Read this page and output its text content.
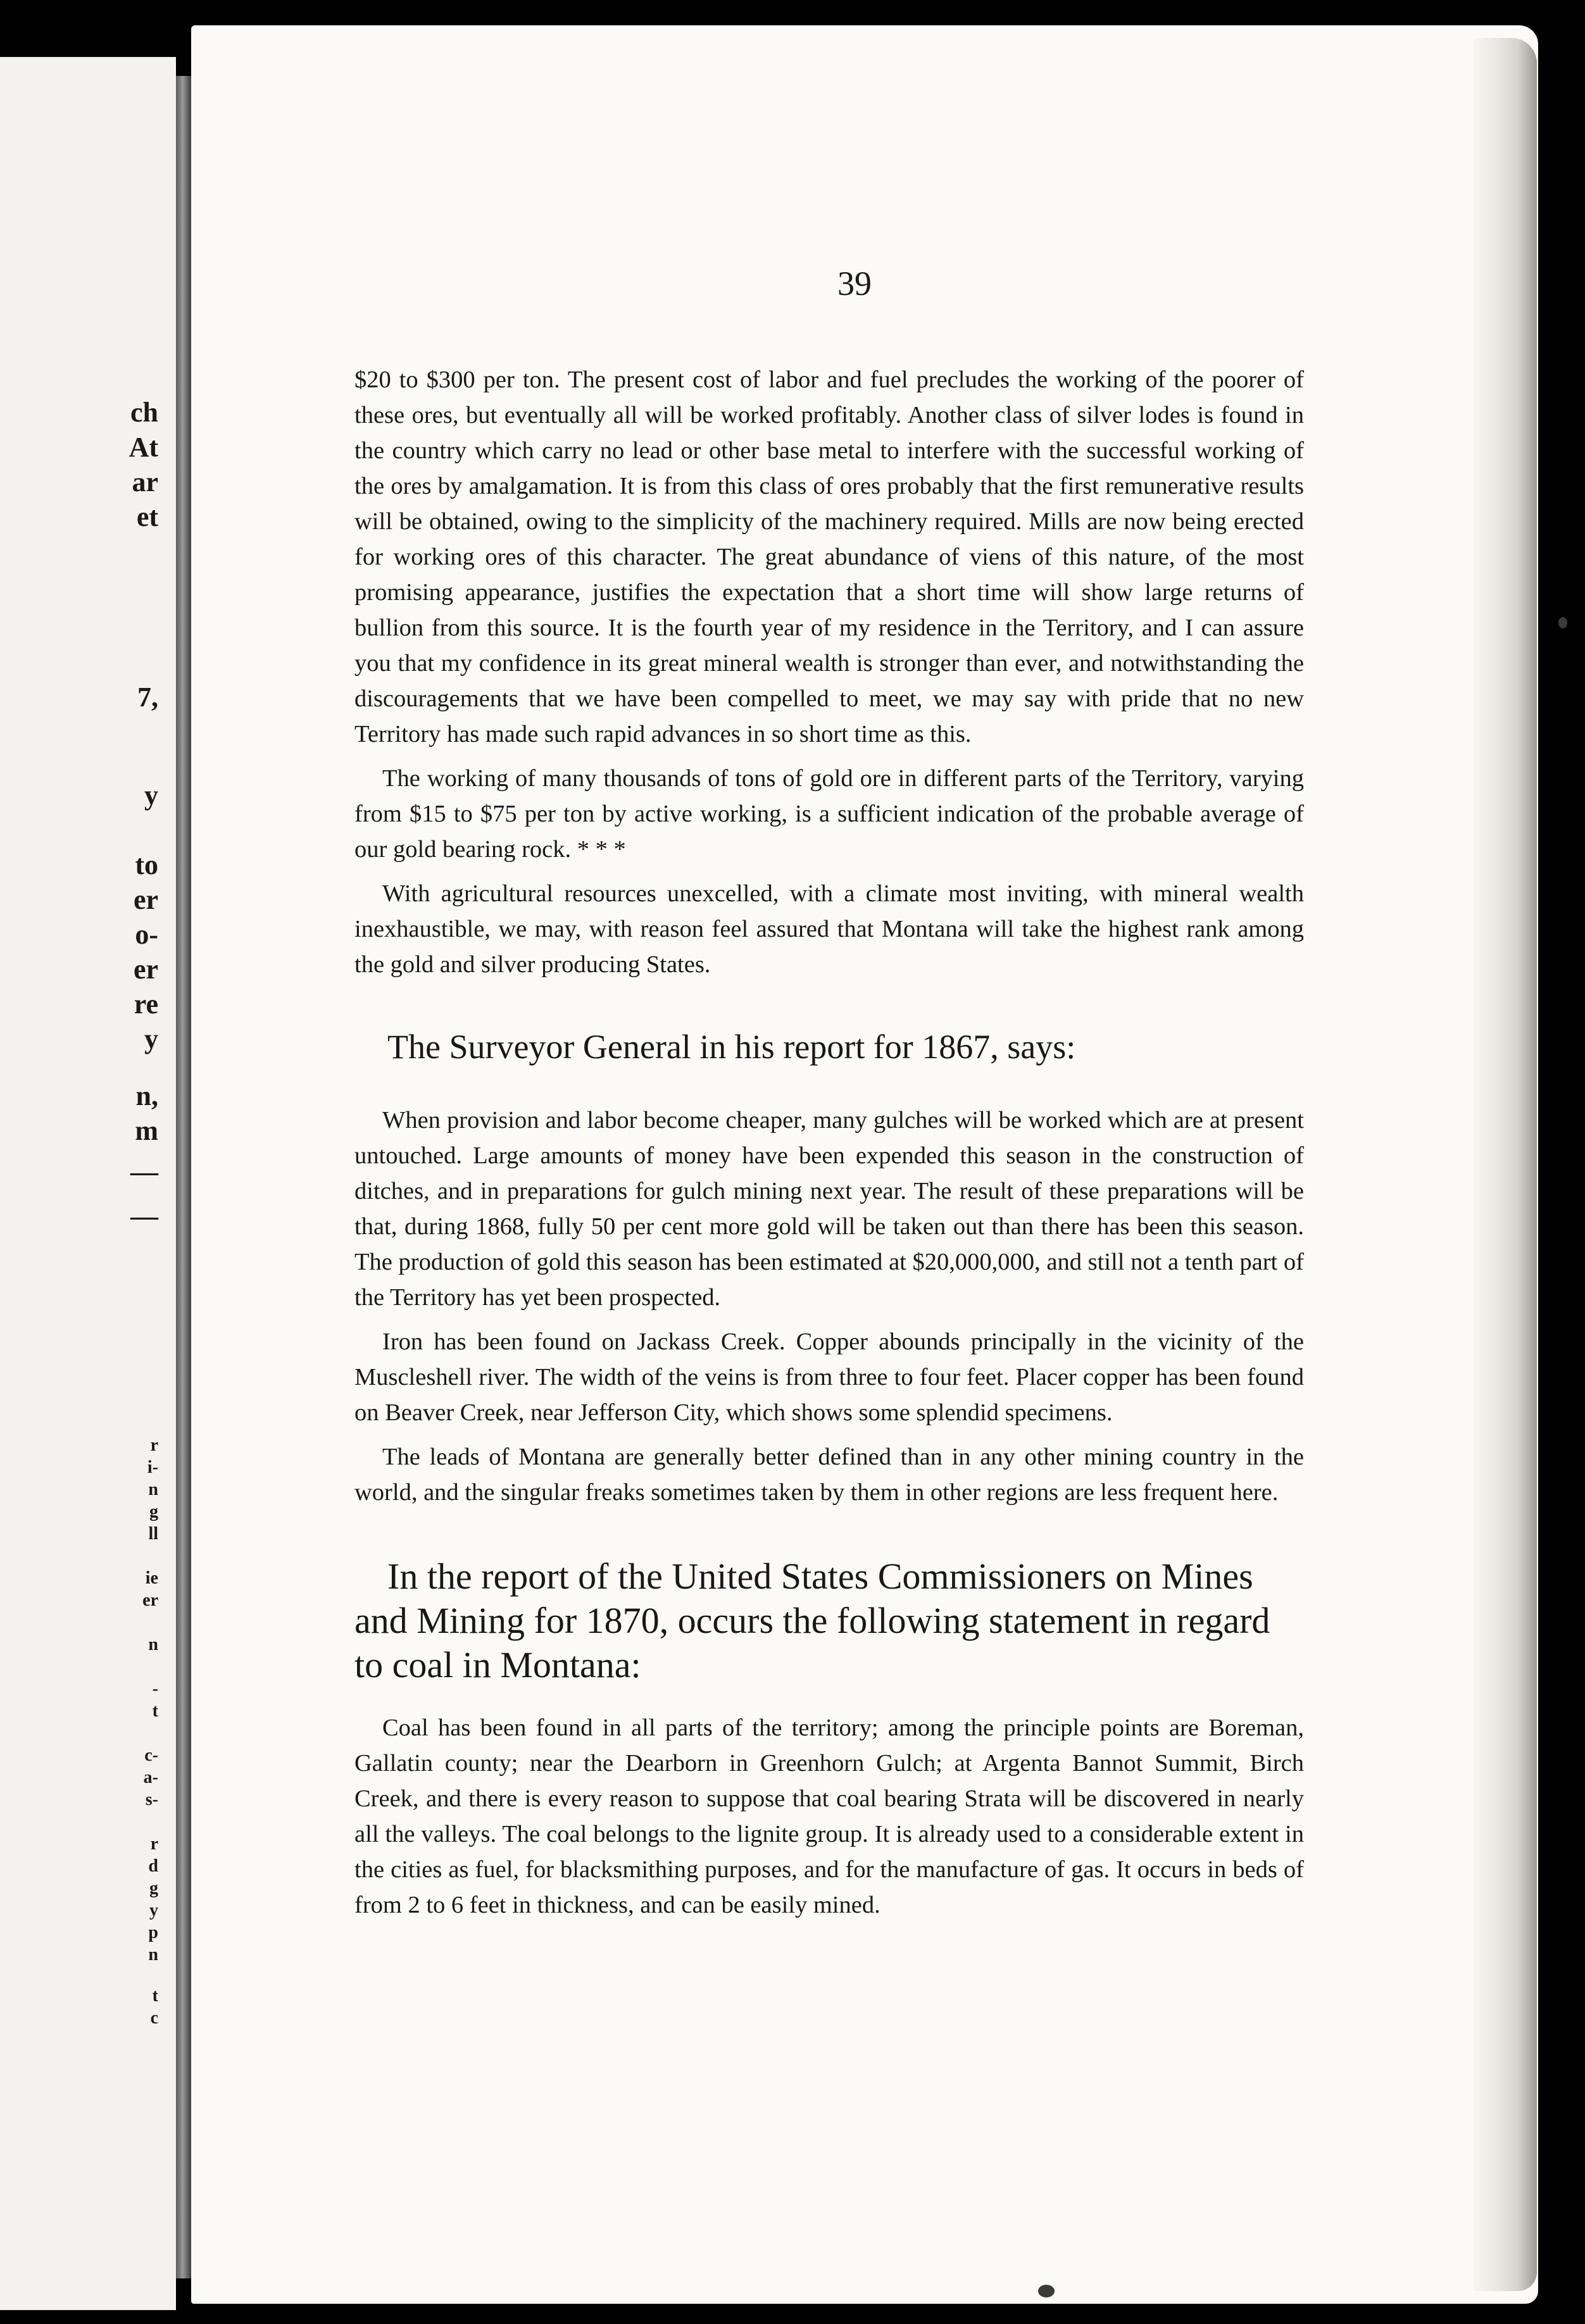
ch
At
ar
et
7,
y
to
er
o-
er
re
y
n,
m
—
—
r
i-
n
g
ll
ie
er
n
-
t
c-
a-
s-
r
d
g
y
p
n
t
c
39

$20 to $300 per ton. The present cost of labor and fuel precludes the working of the poorer of these ores, but eventually all will be worked profitably. Another class of silver lodes is found in the country which carry no lead or other base metal to interfere with the successful working of the ores by amalgamation. It is from this class of ores probably that the first remunerative results will be obtained, owing to the simplicity of the machinery required. Mills are now being erected for working ores of this character. The great abundance of viens of this nature, of the most promising appearance, justifies the expectation that a short time will show large returns of bullion from this source. It is the fourth year of my residence in the Territory, and I can assure you that my confidence in its great mineral wealth is stronger than ever, and notwithstanding the discouragements that we have been compelled to meet, we may say with pride that no new Territory has made such rapid advances in so short time as this.

The working of many thousands of tons of gold ore in different parts of the Territory, varying from $15 to $75 per ton by active working, is a sufficient indication of the probable average of our gold bearing rock. * * *

With agricultural resources unexcelled, with a climate most inviting, with mineral wealth inexhaustible, we may, with reason feel assured that Montana will take the highest rank among the gold and silver producing States.

The Surveyor General in his report for 1867, says:

When provision and labor become cheaper, many gulches will be worked which are at present untouched. Large amounts of money have been expended this season in the construction of ditches, and in preparations for gulch mining next year. The result of these preparations will be that, during 1868, fully 50 per cent more gold will be taken out than there has been this season. The production of gold this season has been estimated at $20,000,000, and still not a tenth part of the Territory has yet been prospected.

Iron has been found on Jackass Creek. Copper abounds principally in the vicinity of the Muscleshell river. The width of the veins is from three to four feet. Placer copper has been found on Beaver Creek, near Jefferson City, which shows some splendid specimens.

The leads of Montana are generally better defined than in any other mining country in the world, and the singular freaks sometimes taken by them in other regions are less frequent here.

In the report of the United States Commissioners on Mines and Mining for 1870, occurs the following statement in regard to coal in Montana:

Coal has been found in all parts of the territory; among the principle points are Boreman, Gallatin county; near the Dearborn in Greenhorn Gulch; at Argenta Bannot Summit, Birch Creek, and there is every reason to suppose that coal bearing Strata will be discovered in nearly all the valleys. The coal belongs to the lignite group. It is already used to a considerable extent in the cities as fuel, for blacksmithing purposes, and for the manufacture of gas. It occurs in beds of from 2 to 6 feet in thickness, and can be easily mined.
